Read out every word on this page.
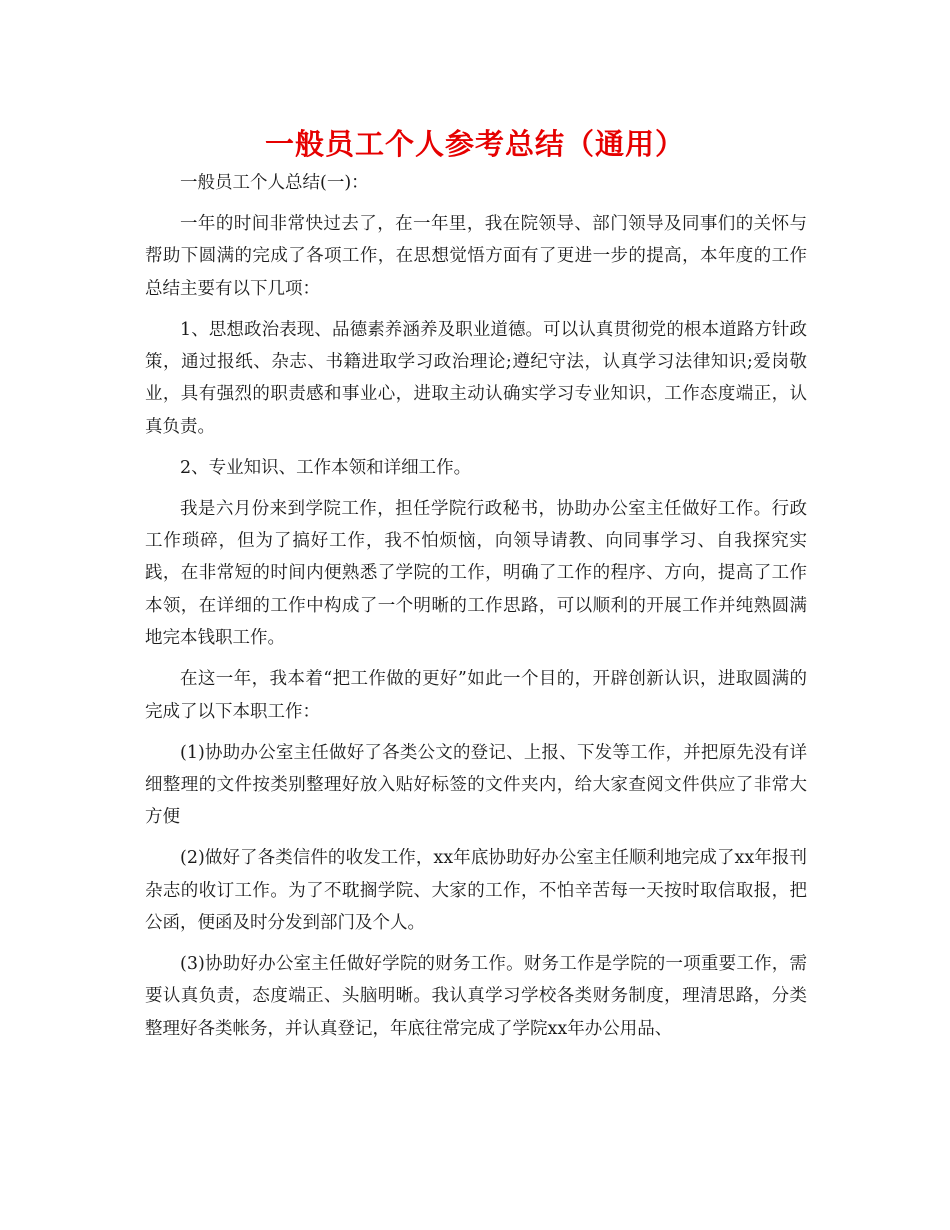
一般员工个人参考总结（通用）

一般员工个人总结(一)：

一年的时间非常快过去了，在一年里，我在院领导、部门领导及同事们的关怀与帮助下圆满的完成了各项工作，在思想觉悟方面有了更进一步的提高，本年度的工作总结主要有以下几项：

1、思想政治表现、品德素养涵养及职业道德。可以认真贯彻党的根本道路方针政策，通过报纸、杂志、书籍进取学习政治理论;遵纪守法，认真学习法律知识;爱岗敬业，具有强烈的职责感和事业心，进取主动认确实学习专业知识，工作态度端正，认真负责。

2、专业知识、工作本领和详细工作。

我是六月份来到学院工作，担任学院行政秘书，协助办公室主任做好工作。行政工作琐碎，但为了搞好工作，我不怕烦恼，向领导请教、向同事学习、自我探究实践，在非常短的时间内便熟悉了学院的工作，明确了工作的程序、方向，提高了工作本领，在详细的工作中构成了一个明晰的工作思路，可以顺利的开展工作并纯熟圆满地完本钱职工作。

在这一年，我本着“把工作做的更好”如此一个目的，开辟创新认识，进取圆满的完成了以下本职工作：

(1)协助办公室主任做好了各类公文的登记、上报、下发等工作，并把原先没有详细整理的文件按类别整理好放入贴好标签的文件夹内，给大家查阅文件供应了非常大方便

(2)做好了各类信件的收发工作，xx年底协助好办公室主任顺利地完成了xx年报刊杂志的收订工作。为了不耽搁学院、大家的工作，不怕辛苦每一天按时取信取报，把公函，便函及时分发到部门及个人。

(3)协助好办公室主任做好学院的财务工作。财务工作是学院的一项重要工作，需要认真负责，态度端正、头脑明晰。我认真学习学校各类财务制度，理清思路，分类整理好各类帐务，并认真登记，年底往常完成了学院xx年办公用品、
